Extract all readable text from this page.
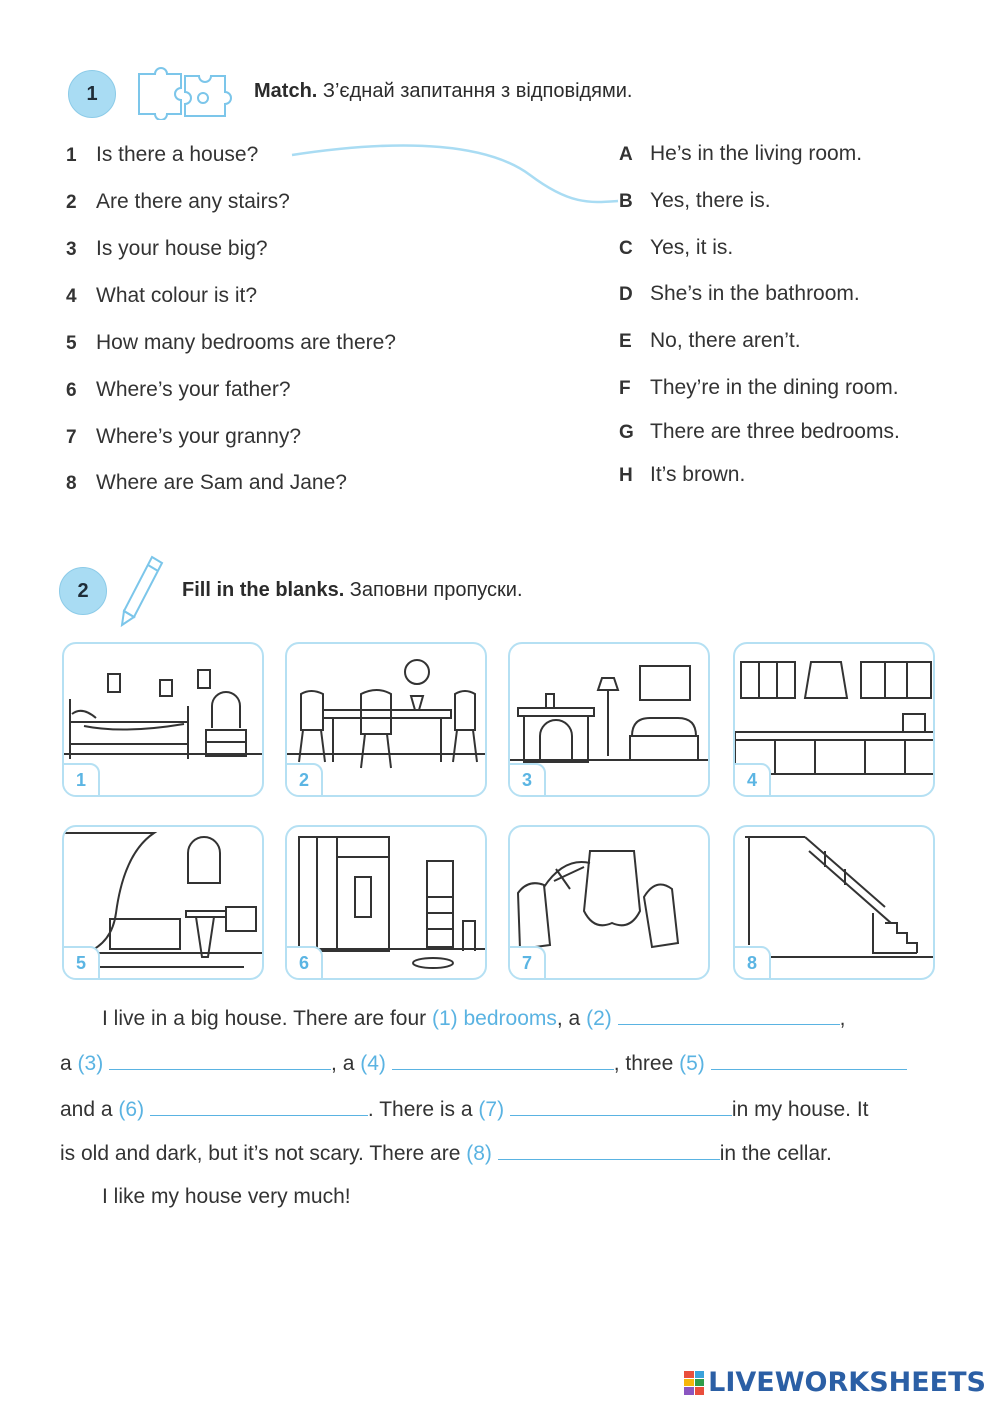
1	Match. З’єднай запитання з відповідями.
1 Is there a house?
2 Are there any stairs?
3 Is your house big?
4 What colour is it?
5 How many bedrooms are there?
6 Where’s your father?
7 Where’s your granny?
8 Where are Sam and Jane?
A He’s in the living room.
B Yes, there is.
C Yes, it is.
D She’s in the bathroom.
E No, there aren’t.
F They’re in the dining room.
G There are three bedrooms.
H It’s brown.
2	Fill in the blanks. Заповни пропуски.
1	2	3	4
5	6	7	8
I live in a big house. There are four (1) bedrooms, a (2)	,
a (3)	, a (4)	, three (5)
and a (6)	. There is a (7)	in my house. It
is old and dark, but it’s not scary. There are (8)	in the cellar.
I like my house very much!
LIVEWORKSHEETS
